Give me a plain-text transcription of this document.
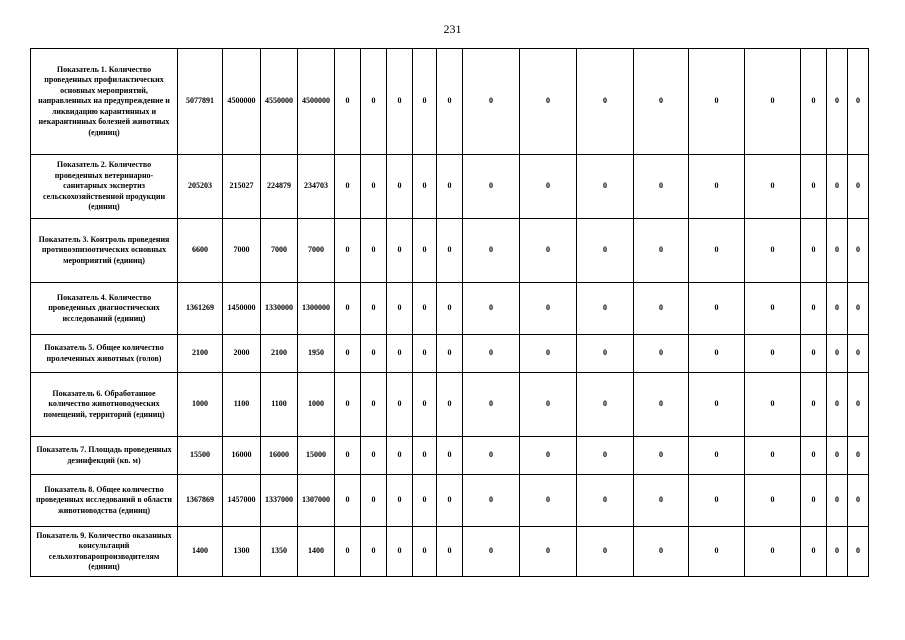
231
Показатель 1. Количество проведенных профилактических основных мероприятий, направленных на предупреждение и ликвидацию карантинных и некарантинных болезней животных (единиц)	5077891	4500000	4550000	4500000	0	0	0	0	0	0	0	0	0	0	0	0	0	0
Показатель 2. Количество проведенных ветеринарно-санитарных экспертиз сельскохозяйственной продукции (единиц)	205203	215027	224879	234703	0	0	0	0	0	0	0	0	0	0	0	0	0	0
Показатель 3. Контроль проведения противоэпизоотических основных мероприятий (единиц)	6600	7000	7000	7000	0	0	0	0	0	0	0	0	0	0	0	0	0	0
Показатель 4. Количество проведенных диагностических исследований (единиц)	1361269	1450000	1330000	1300000	0	0	0	0	0	0	0	0	0	0	0	0	0	0
Показатель 5. Общее количество пролеченных животных (голов)	2100	2000	2100	1950	0	0	0	0	0	0	0	0	0	0	0	0	0	0
Показатель 6. Обработанное количество животноводческих помещений, территорий (единиц)	1000	1100	1100	1000	0	0	0	0	0	0	0	0	0	0	0	0	0	0
Показатель 7. Площадь проведенных дезинфекций (кв. м)	15500	16000	16000	15000	0	0	0	0	0	0	0	0	0	0	0	0	0	0
Показатель 8. Общее количество проведенных исследований в области животноводства (единиц)	1367869	1457000	1337000	1307000	0	0	0	0	0	0	0	0	0	0	0	0	0	0
Показатель 9. Количество оказанных консультаций сельхозтоваропроизводителям (единиц)	1400	1300	1350	1400	0	0	0	0	0	0	0	0	0	0	0	0	0	0
